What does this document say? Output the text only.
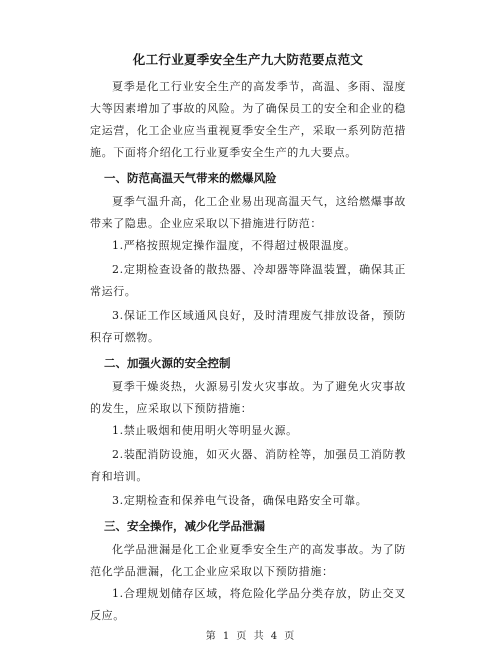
化工行业夏季安全生产九大防范要点范文

夏季是化工行业安全生产的高发季节，高温、多雨、湿度大等因素增加了事故的风险。为了确保员工的安全和企业的稳定运营，化工企业应当重视夏季安全生产，采取一系列防范措施。下面将介绍化工行业夏季安全生产的九大要点。

一、防范高温天气带来的燃爆风险

夏季气温升高，化工企业易出现高温天气，这给燃爆事故带来了隐患。企业应采取以下措施进行防范：

1.严格按照规定操作温度，不得超过极限温度。

2.定期检查设备的散热器、冷却器等降温装置，确保其正常运行。

3.保证工作区域通风良好，及时清理废气排放设备，预防积存可燃物。

二、加强火源的安全控制

夏季干燥炎热，火源易引发火灾事故。为了避免火灾事故的发生，应采取以下预防措施：

1.禁止吸烟和使用明火等明显火源。

2.装配消防设施，如灭火器、消防栓等，加强员工消防教育和培训。

3.定期检查和保养电气设备，确保电路安全可靠。

三、安全操作，减少化学品泄漏

化学品泄漏是化工企业夏季安全生产的高发事故。为了防范化学品泄漏，化工企业应采取以下预防措施：

1.合理规划储存区域，将危险化学品分类存放，防止交叉反应。

第 1 页 共 4 页
